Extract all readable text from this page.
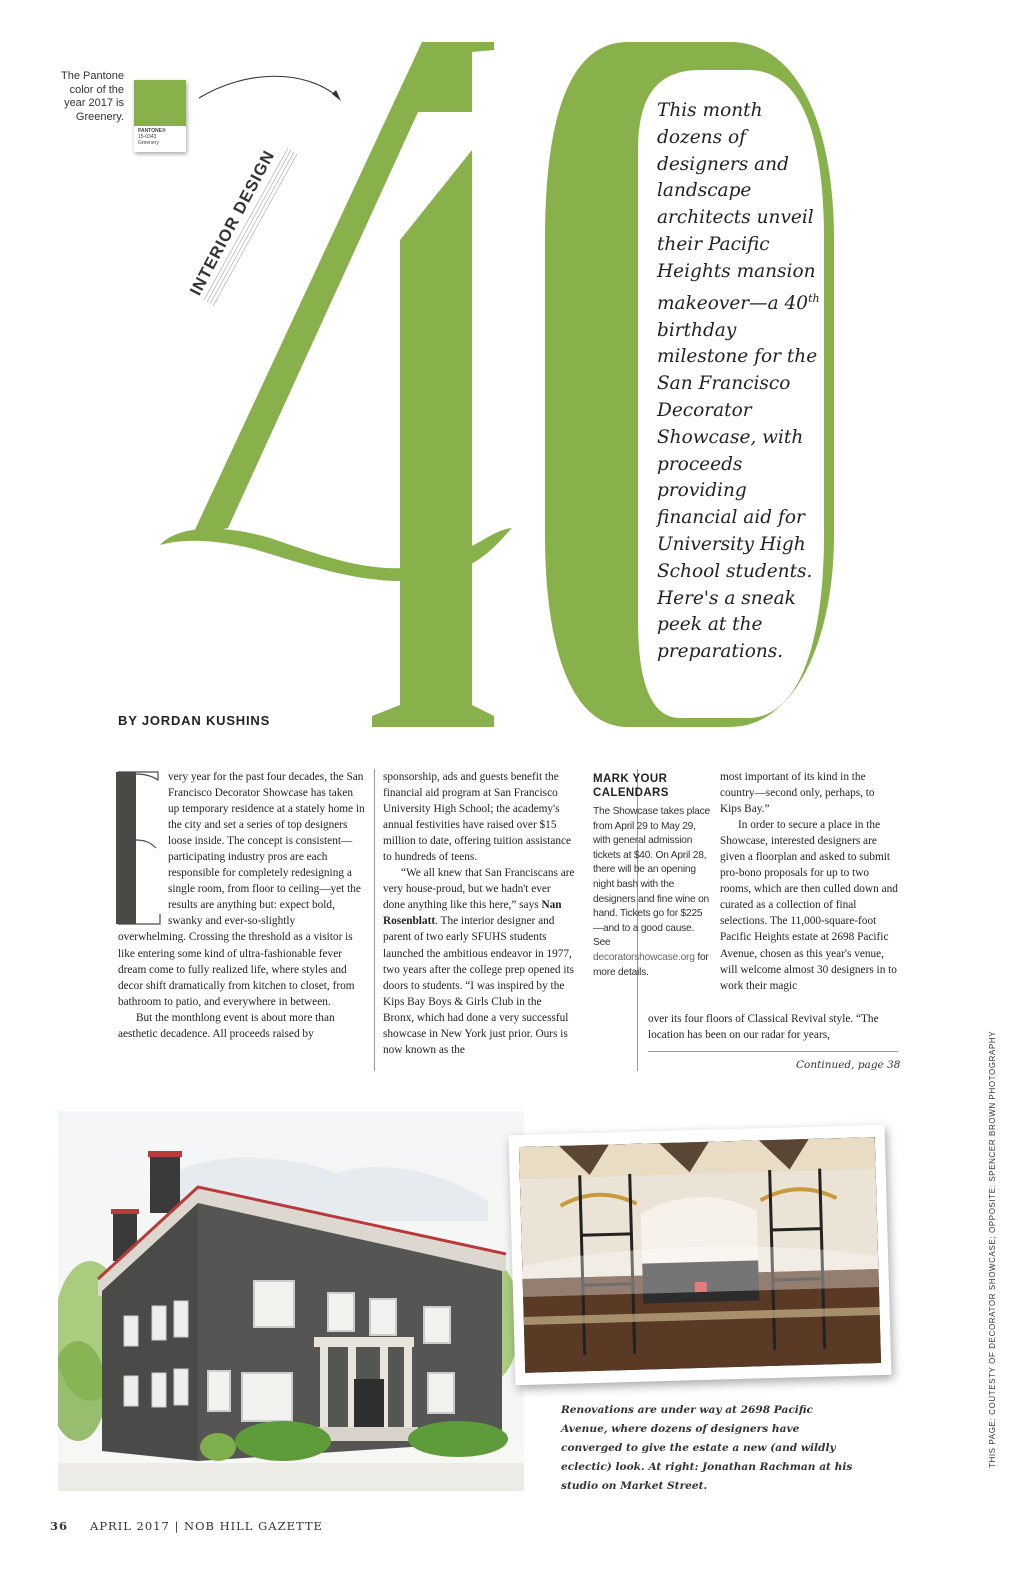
The Pantone color of the year 2017 is Greenery.
PANTONE®
15-0343
Greenery
INTERIOR DESIGN
This month dozens of designers and landscape architects unveil their Pacific Heights mansion makeover—a 40th birthday milestone for the San Francisco Decorator Showcase, with proceeds providing financial aid for University High School students. Here's a sneak peek at the preparations.
BY JORDAN KUSHINS

very year for the past four decades, the San Francisco Decorator Showcase has taken up temporary residence at a stately home in the city and set a series of top designers loose inside. The concept is consistent—participating industry pros are each responsible for completely redesigning a single room, from floor to ceiling—yet the results are anything but: expect bold, swanky and ever-so-slightly overwhelming. Crossing the threshold as a visitor is like entering some kind of ultra-fashionable fever dream come to fully realized life, where styles and decor shift dramatically from kitchen to closet, from bathroom to patio, and everywhere in between.

But the monthlong event is about more than aesthetic decadence. All proceeds raised by

sponsorship, ads and guests benefit the financial aid program at San Francisco University High School; the academy's annual festivities have raised over $15 million to date, offering tuition assistance to hundreds of teens.

“We all knew that San Franciscans are very house-proud, but we hadn't ever done anything like this here,” says Nan Rosenblatt. The interior designer and parent of two early SFUHS students launched the ambitious endeavor in 1977, two years after the college prep opened its doors to students. “I was inspired by the Kips Bay Boys & Girls Club in the Bronx, which had done a very successful showcase in New York just prior. Ours is now known as the

MARK YOUR CALENDARS
The Showcase takes place from April 29 to May 29, with general admission tickets at $40. On April 28, there will be an opening night bash with the designers and fine wine on hand. Tickets go for $225—and to a good cause. See decoratorshowcase.org for more details.

most important of its kind in the country—second only, perhaps, to Kips Bay.”

In order to secure a place in the Showcase, interested designers are given a floorplan and asked to submit pro-bono proposals for up to two rooms, which are then culled down and curated as a collection of final selections. The 11,000-square-foot Pacific Heights estate at 2698 Pacific Avenue, chosen as this year's venue, will welcome almost 30 designers in to work their magic

over its four floors of Classical Revival style. “The location has been on our radar for years,

Continued, page 38
Renovations are under way at 2698 Pacific Avenue, where dozens of designers have converged to give the estate a new (and wildly eclectic) look. At right: Jonathan Rachman at his studio on Market Street.
THIS PAGE: COUTESTY OF DECORATOR SHOWCASE; OPPOSITE: SPENCER BROWN PHOTOGRAPHY
36 APRIL 2017 | NOB HILL GAZETTE
